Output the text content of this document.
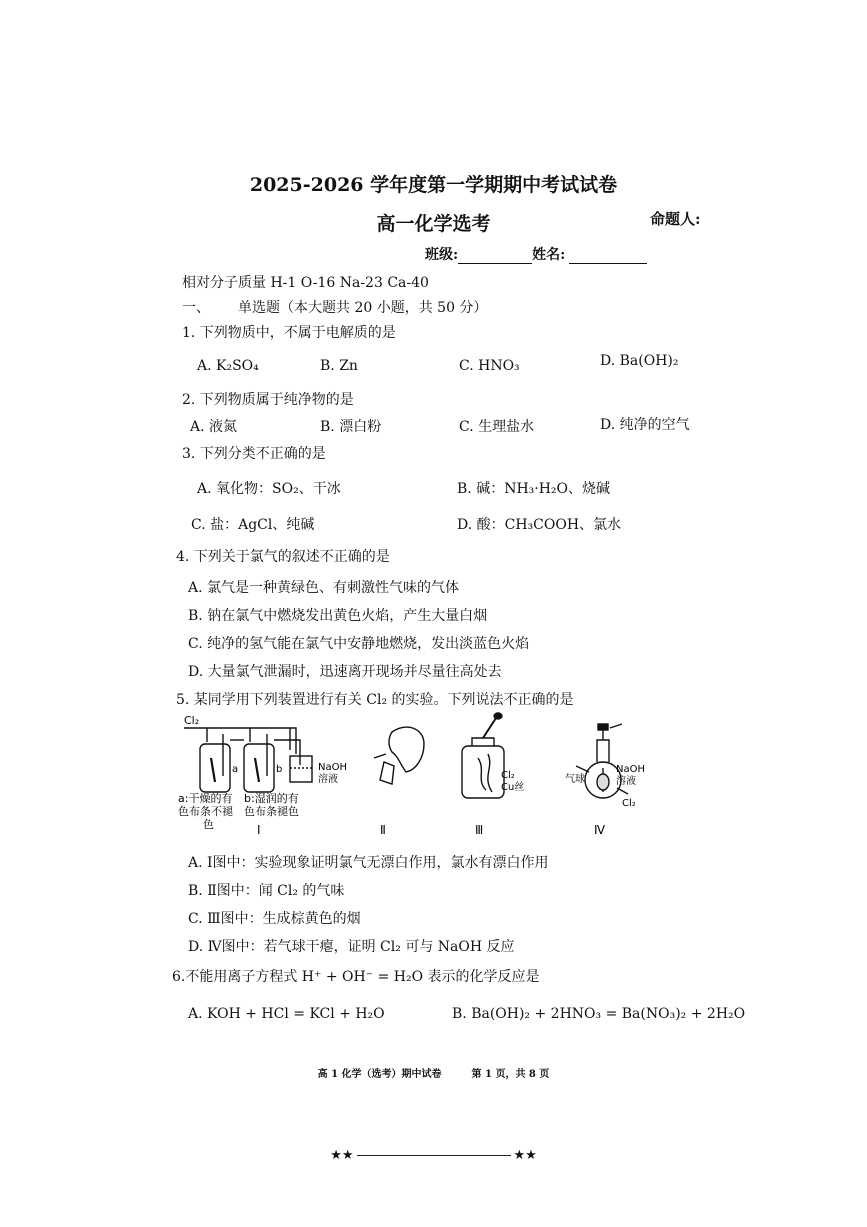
2025-2026 学年度第一学期期中考试试卷
高一化学选考	命题人:
班级:	姓名:
相对分子质量 H-1 O-16 Na-23 Ca-40
一、 单选题（本大题共 20 小题，共 50 分）
1. 下列物质中，不属于电解质的是
A. K₂SO₄	B. Zn	C. HNO₃	D. Ba(OH)₂
2. 下列物质属于纯净物的是
A. 液氮	B. 漂白粉	C. 生理盐水	D. 纯净的空气
3. 下列分类不正确的是
A. 氧化物：SO₂、干冰	B. 碱：NH₃·H₂O、烧碱
C. 盐：AgCl、纯碱	D. 酸：CH₃COOH、氯水
4. 下列关于氯气的叙述不正确的是
A. 氯气是一种黄绿色、有刺激性气味的气体
B. 钠在氯气中燃烧发出黄色火焰，产生大量白烟
C. 纯净的氢气能在氯气中安静地燃烧，发出淡蓝色火焰
D. 大量氯气泄漏时，迅速离开现场并尽量往高处去
5. 某同学用下列装置进行有关 Cl₂ 的实验。下列说法不正确的是
Cl₂
a	b	NaOH
溶液
a:干燥的有
色布条不褪
色
b:湿润的有
色布条褪色
Cl₂
Cu丝
气球
NaOH
溶液
Cl₂
Ⅰ	Ⅱ	Ⅲ	Ⅳ
A. Ⅰ图中：实验现象证明氯气无漂白作用，氯水有漂白作用
B. Ⅱ图中：闻 Cl₂ 的气味
C. Ⅲ图中：生成棕黄色的烟
D. Ⅳ图中：若气球干瘪，证明 Cl₂ 可与 NaOH 反应
6.不能用离子方程式 H⁺ + OH⁻ = H₂O 表示的化学反应是
A. KOH + HCl = KCl + H₂O	B. Ba(OH)₂ + 2HNO₃ = Ba(NO₃)₂ + 2H₂O
高 1 化学（选考）期中试卷	第 1 页，共 8 页
★★	★★
